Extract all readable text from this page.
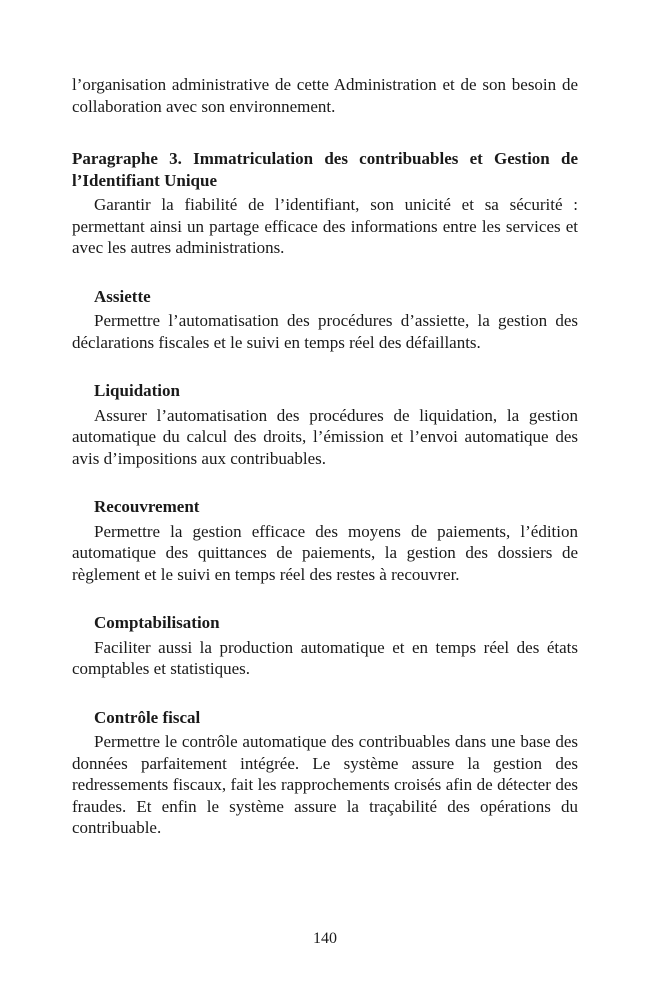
l’organisation administrative de cette Administration et de son besoin de collaboration avec son environnement.

Paragraphe 3. Immatriculation des contribuables et Gestion de l’Identifiant Unique

Garantir la fiabilité de l’identifiant, son unicité et sa sécurité : permettant ainsi un partage efficace des informations entre les services et avec les autres administrations.

Assiette

Permettre l’automatisation des procédures d’assiette, la gestion des déclarations fiscales et le suivi en temps réel des défaillants.

Liquidation

Assurer l’automatisation des procédures de liquidation, la gestion automatique du calcul des droits, l’émission et l’envoi automatique des avis d’impositions aux contribuables.

Recouvrement

Permettre la gestion efficace des moyens de paiements, l’édition automatique des quittances de paiements, la gestion des dossiers de règlement et le suivi en temps réel des restes à recouvrer.

Comptabilisation

Faciliter aussi la production automatique et en temps réel des états comptables et statistiques.

Contrôle fiscal

Permettre le contrôle automatique des contribuables dans une base des données parfaitement intégrée. Le système assure la gestion des redressements fiscaux, fait les rapprochements croisés afin de détecter des fraudes. Et enfin le système assure la traçabilité des opérations du contribuable.

140
